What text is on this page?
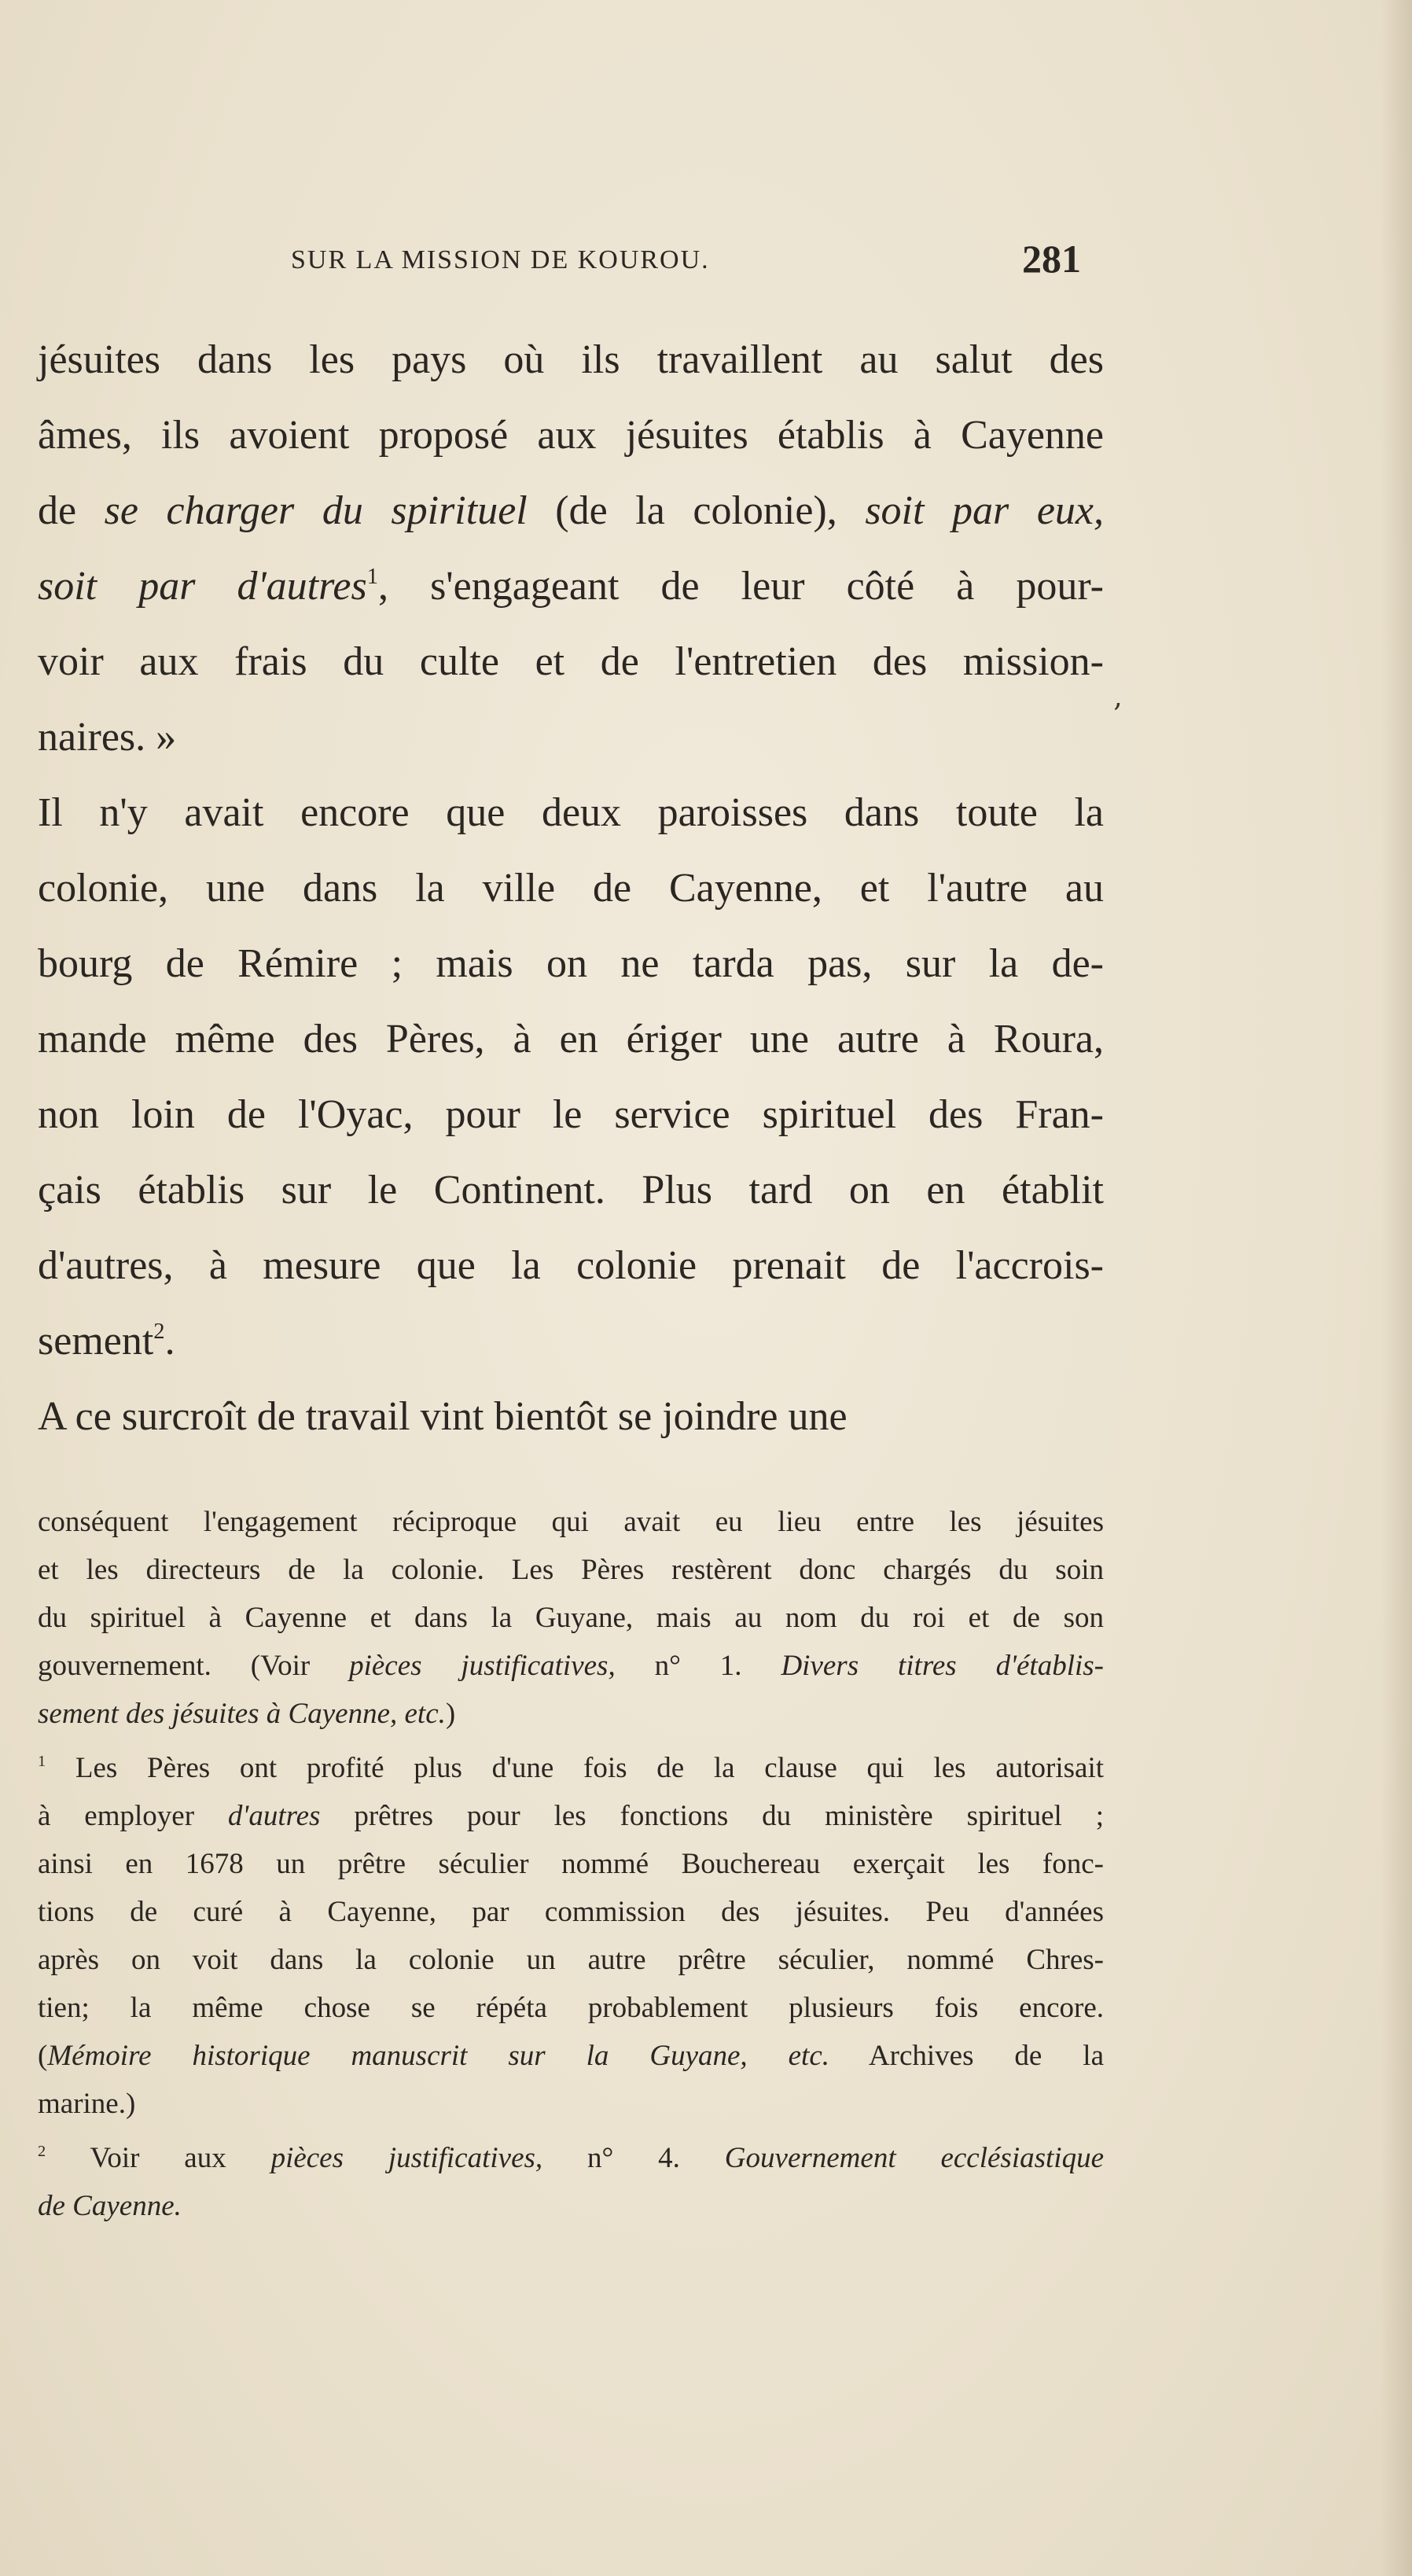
SUR LA MISSION DE KOUROU.	281
jésuites dans les pays où ils travaillent au salut des
âmes, ils avoient proposé aux jésuites établis à Cayenne
de se charger du spirituel (de la colonie), soit par eux,
soit par d'autres$^1$, s'engageant de leur côté à pour-
voir aux frais du culte et de l'entretien des mission-
naires. »
Il n'y avait encore que deux paroisses dans toute la
colonie, une dans la ville de Cayenne, et l'autre au
bourg de Rémire ; mais on ne tarda pas, sur la de-
mande même des Pères, à en ériger une autre à Roura,
non loin de l'Oyac, pour le service spirituel des Fran-
çais établis sur le Continent. Plus tard on en établit
d'autres, à mesure que la colonie prenait de l'accrois-
sement$^2$.
A ce surcroît de travail vint bientôt se joindre une
‚
conséquent l'engagement réciproque qui avait eu lieu entre les jésuites
et les directeurs de la colonie. Les Pères restèrent donc chargés du soin
du spirituel à Cayenne et dans la Guyane, mais au nom du roi et de son
gouvernement. (Voir pièces justificatives, n° 1. Divers titres d'établis-
sement des jésuites à Cayenne, etc.)
$^1$ Les Pères ont profité plus d'une fois de la clause qui les autorisait
à employer d'autres prêtres pour les fonctions du ministère spirituel ;
ainsi en 1678 un prêtre séculier nommé Bouchereau exerçait les fonc-
tions de curé à Cayenne, par commission des jésuites. Peu d'années
après on voit dans la colonie un autre prêtre séculier, nommé Chres-
tien; la même chose se répéta probablement plusieurs fois encore.
(Mémoire historique manuscrit sur la Guyane, etc. Archives de la
marine.)
$^2$ Voir aux pièces justificatives, n° 4. Gouvernement ecclésiastique
de Cayenne.
